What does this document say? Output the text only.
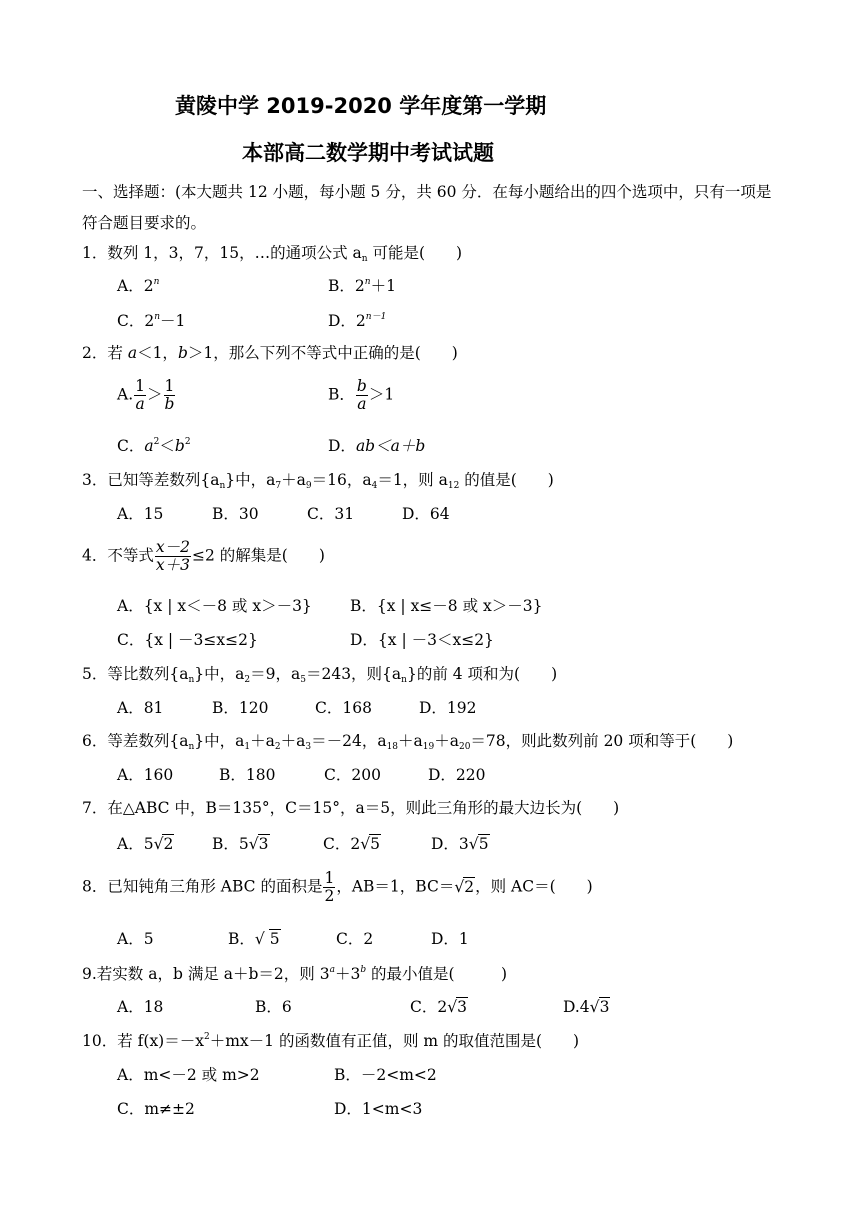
黄陵中学 2019-2020 学年度第一学期
本部高二数学期中考试试题
一、选择题：(本大题共 12 小题，每小题 5 分，共 60 分．在每小题给出的四个选项中，只有一项是
符合题目要求的。
1．数列 1，3，7，15，…的通项公式 $a_n$ 可能是(　　)
A．2$^n$	B．$2^n+1$
C．$2^n-1$	D．$2^{n-1}$
2．若 a＜1，b＞1，那么下列不等式中正确的是(　　)
A. $\frac{1}{a} > \frac{1}{b}$	B． $\frac{b}{a} >1$
C．$a^2<b^2$	D．ab＜a＋b
3．已知等差数列$\{a_n\}$中，$a_7+a_9=16$，$a_4=1$，则 $a_{12}$ 的值是(　　)
A．15	B．30	C．31	D．64
4．不等式 $\frac{x-2}{x+3} \le 2$ 的解集是(　　)
A．{x | x＜－8 或 x＞－3} B．{x | x≤－8 或 x＞－3}
C．{x | －3≤x≤2}	D．{x | －3＜x≤2}
5．等比数列$\{a_n\}$中，$a_2=9$，$a_5=243$，则$\{a_n\}$的前 4 项和为(　　)
A．81	B．120	C．168	D．192
6．等差数列$\{a_n\}$中，$a_1+a_2+a_3=-24$，$a_{18}+a_{19}+a_{20}=78$，则此数列前 20 项和等于(　　)
A．160	B．180	C．200	D．220
7．在△ABC 中，B＝135°，C＝15°，a＝5，则此三角形的最大边长为(　　)
A．5√2 B．5√3	C．2√5	D．3√5
8．已知钝角三角形 ABC 的面积是 $\frac{1}{2}$ ，AB＝1，BC＝√2，则 AC＝(　　)
A．5	B．√ 5	C．2	D．1
9.若实数 a，b 满足 a＋b＝2，则 $3^a+3^b$ 的最小值是(　　　)
A．18	B．6	C．2√3	D.4√3
10．若 $f(x)=-x^2+mx-1$ 的函数值有正值，则 m 的取值范围是(　　)
A．m<－2 或 m>2	B．－2<m<2
C．m≠±2	D．1<m<3
